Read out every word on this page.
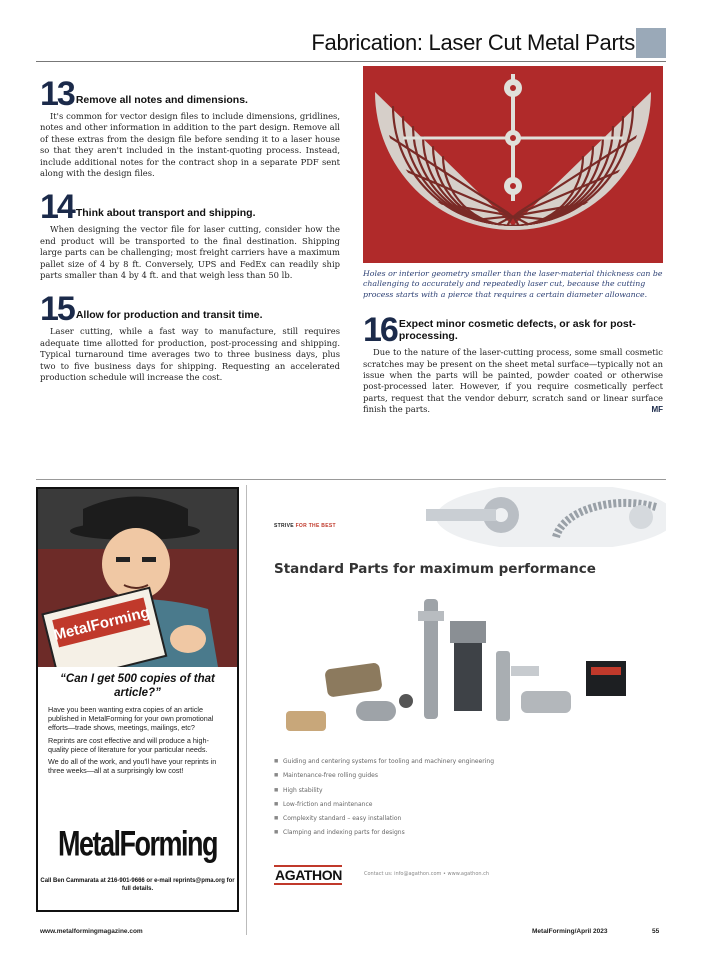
Fabrication: Laser Cut Metal Parts
13 Remove all notes and dimensions.

It's common for vector design files to include dimensions, gridlines, notes and other information in addition to the part design. Remove all of these extras from the design file before sending it to a laser house so that they aren't included in the instant-quoting process. Instead, include additional notes for the contract shop in a separate PDF sent along with the design files.

14 Think about transport and shipping.

When designing the vector file for laser cutting, consider how the end product will be transported to the final destination. Shipping large parts can be challenging; most freight carriers have a maximum pallet size of 4 by 8 ft. Conversely, UPS and FedEx can readily ship parts smaller than 4 by 4 ft. and that weigh less than 50 lb.

15 Allow for production and transit time.

Laser cutting, while a fast way to manufacture, still requires adequate time allotted for production, post-processing and shipping. Typical turnaround time averages two to three business days, plus two to five business days for shipping. Requesting an accelerated production schedule will increase the cost.

Holes or interior geometry smaller than the laser-material thickness can be challenging to accurately and repeatedly laser cut, because the cutting process starts with a pierce that requires a certain diameter allowance.

16 Expect minor cosmetic defects, or ask for post-processing.

Due to the nature of the laser-cutting process, some small cosmetic scratches may be present on the sheet metal surface—typically not an issue when the parts will be painted, powder coated or otherwise post-processed later. However, if you require cosmetically perfect parts, request that the vendor deburr, scratch sand or linear surface finish the parts.	MF

MetalForming
“Can I get 500 copies of that article?”

Have you been wanting extra copies of an article published in MetalForming for your own promotional efforts—trade shows, meetings, mailings, etc?

Reprints are cost effective and will produce a high-quality piece of literature for your particular needs.

We do all of the work, and you'll have your reprints in three weeks—all at a surprisingly low cost!

MetalForming
Call Ben Cammarata at 216-901-9666 or e-mail reprints@pma.org for full details.
STRIVE FOR THE BEST
Standard Parts for maximum performance
■ Guiding and centering systems for tooling and machinery engineering
■ Maintenance-free rolling guides
■ High stability
■ Low-friction and maintenance
■ Complexity standard – easy installation
■ Clamping and indexing parts for designs
AGATHON	Contact us: info@agathon.com • www.agathon.ch
www.metalformingmagazine.com	MetalForming/April 2023	55
